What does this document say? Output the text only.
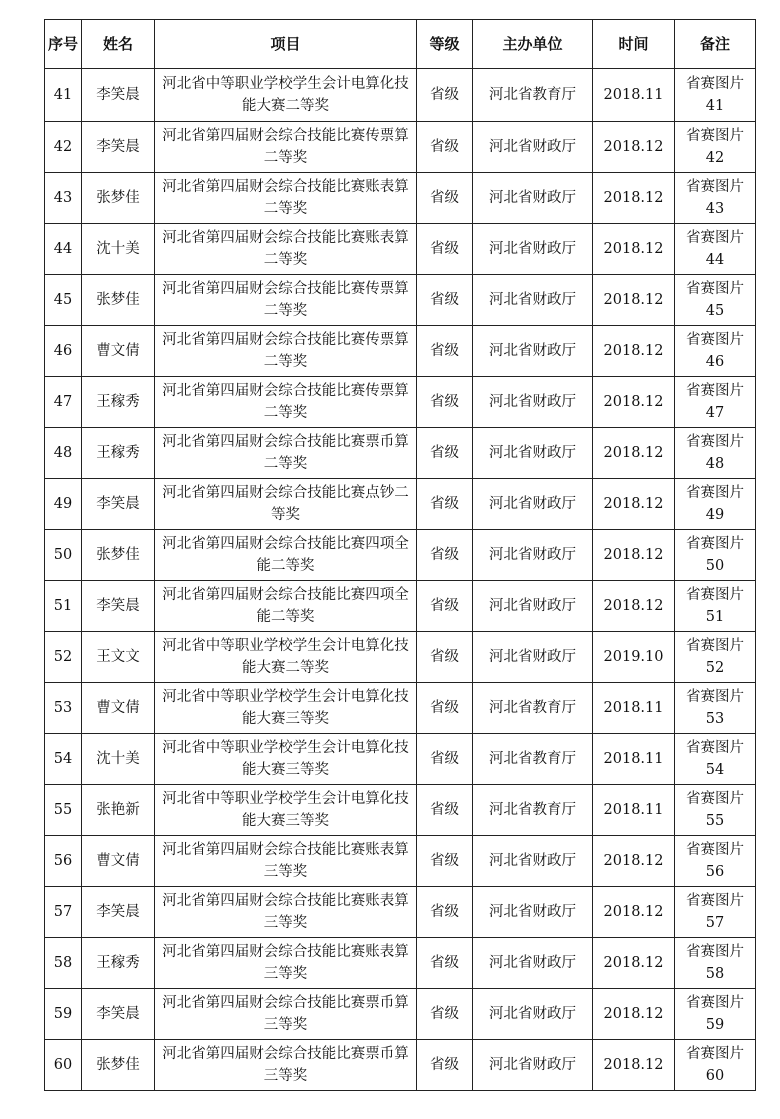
序号	姓名	项目	等级	主办单位	时间	备注
41	李笑晨	河北省中等职业学校学生会计电算化技能大赛二等奖	省级	河北省教育厅	2018.11	省赛图片 41
42	李笑晨	河北省第四届财会综合技能比赛传票算二等奖	省级	河北省财政厅	2018.12	省赛图片 42
43	张梦佳	河北省第四届财会综合技能比赛账表算二等奖	省级	河北省财政厅	2018.12	省赛图片 43
44	沈十美	河北省第四届财会综合技能比赛账表算二等奖	省级	河北省财政厅	2018.12	省赛图片 44
45	张梦佳	河北省第四届财会综合技能比赛传票算二等奖	省级	河北省财政厅	2018.12	省赛图片 45
46	曹文倩	河北省第四届财会综合技能比赛传票算二等奖	省级	河北省财政厅	2018.12	省赛图片 46
47	王稼秀	河北省第四届财会综合技能比赛传票算二等奖	省级	河北省财政厅	2018.12	省赛图片 47
48	王稼秀	河北省第四届财会综合技能比赛票币算二等奖	省级	河北省财政厅	2018.12	省赛图片 48
49	李笑晨	河北省第四届财会综合技能比赛点钞二等奖	省级	河北省财政厅	2018.12	省赛图片 49
50	张梦佳	河北省第四届财会综合技能比赛四项全能二等奖	省级	河北省财政厅	2018.12	省赛图片 50
51	李笑晨	河北省第四届财会综合技能比赛四项全能二等奖	省级	河北省财政厅	2018.12	省赛图片 51
52	王文文	河北省中等职业学校学生会计电算化技能大赛二等奖	省级	河北省财政厅	2019.10	省赛图片 52
53	曹文倩	河北省中等职业学校学生会计电算化技能大赛三等奖	省级	河北省教育厅	2018.11	省赛图片 53
54	沈十美	河北省中等职业学校学生会计电算化技能大赛三等奖	省级	河北省教育厅	2018.11	省赛图片 54
55	张艳新	河北省中等职业学校学生会计电算化技能大赛三等奖	省级	河北省教育厅	2018.11	省赛图片 55
56	曹文倩	河北省第四届财会综合技能比赛账表算三等奖	省级	河北省财政厅	2018.12	省赛图片 56
57	李笑晨	河北省第四届财会综合技能比赛账表算三等奖	省级	河北省财政厅	2018.12	省赛图片 57
58	王稼秀	河北省第四届财会综合技能比赛账表算三等奖	省级	河北省财政厅	2018.12	省赛图片 58
59	李笑晨	河北省第四届财会综合技能比赛票币算三等奖	省级	河北省财政厅	2018.12	省赛图片 59
60	张梦佳	河北省第四届财会综合技能比赛票币算三等奖	省级	河北省财政厅	2018.12	省赛图片 60
